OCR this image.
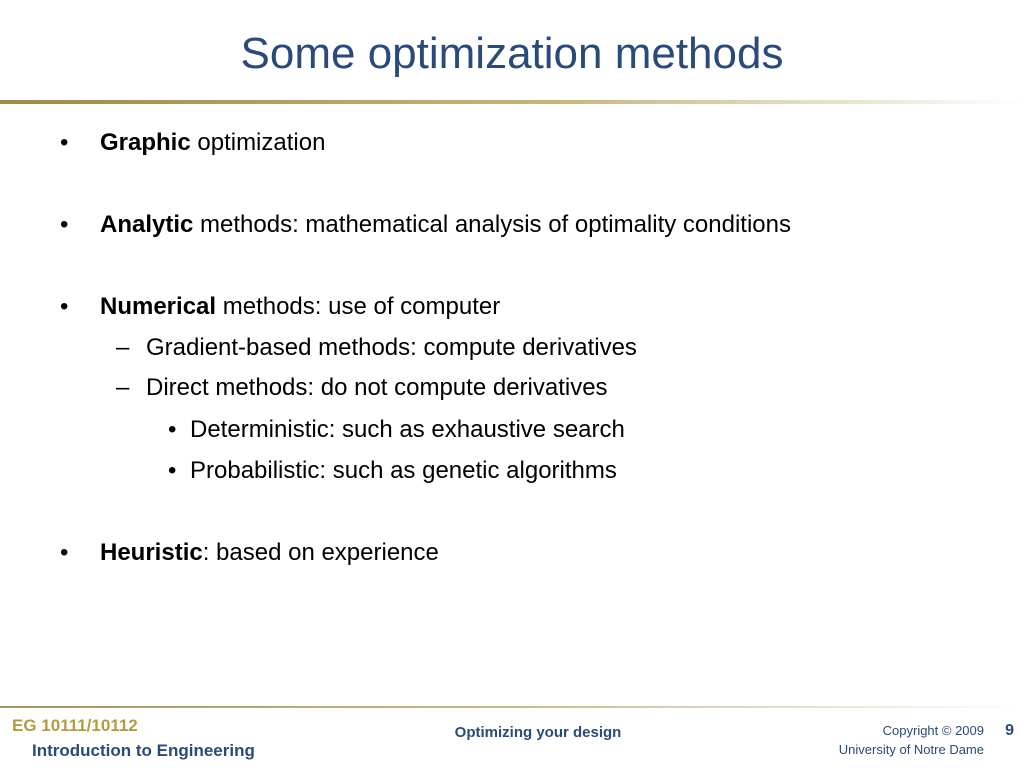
Some optimization methods
• Graphic optimization
• Analytic methods: mathematical analysis of optimality conditions
• Numerical methods: use of computer
– Gradient-based methods: compute derivatives
– Direct methods: do not compute derivatives
• Deterministic: such as exhaustive search
• Probabilistic: such as genetic algorithms
• Heuristic: based on experience
EG 10111/10112
Introduction to Engineering
Optimizing your design	Copyright © 2009
University of Notre Dame
9
